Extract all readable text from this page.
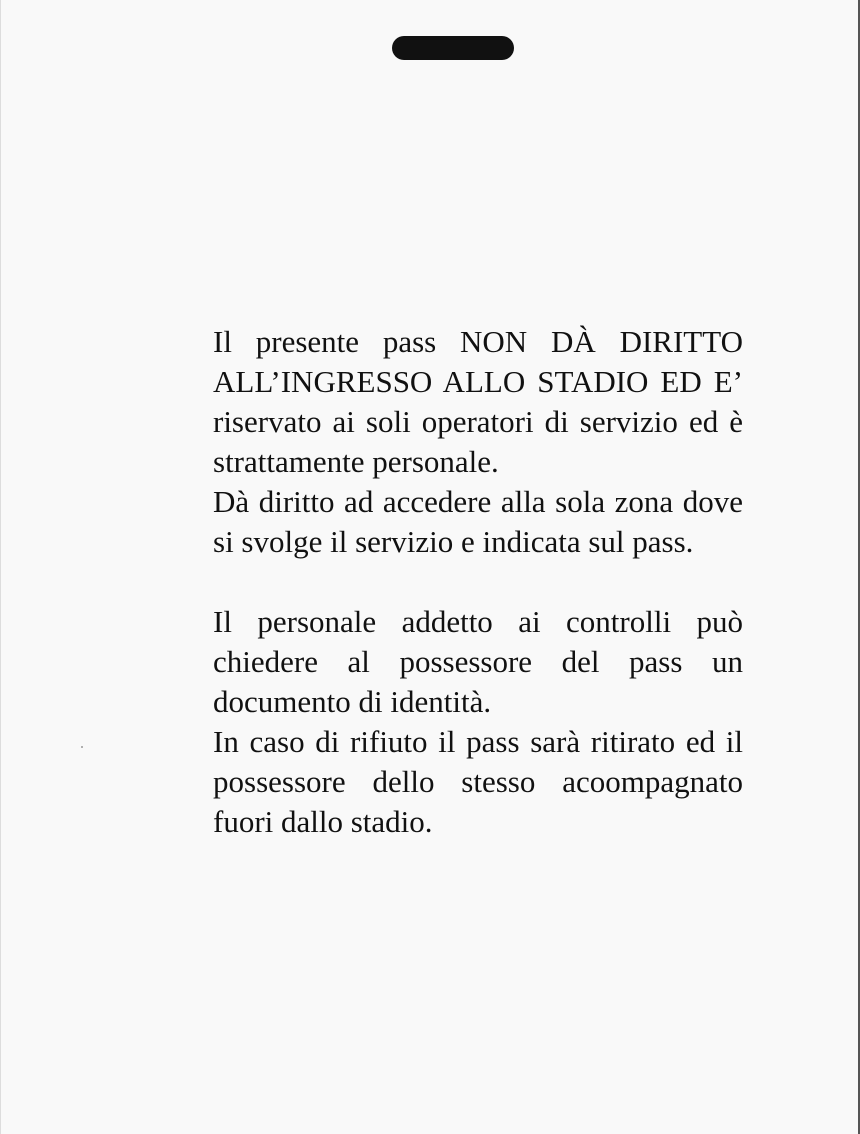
Il presente pass NON DÀ DIRITTO ALL’INGRESSO ALLO STADIO ED E’ riservato ai soli operatori di servizio ed è strattamente personale.

Dà diritto ad accedere alla sola zona dove si svolge il servizio e indicata sul pass.

Il personale addetto ai controlli può chiedere al possessore del pass un documento di identità.

In caso di rifiuto il pass sarà ritirato ed il possessore dello stesso acoompagnato fuori dallo stadio.
